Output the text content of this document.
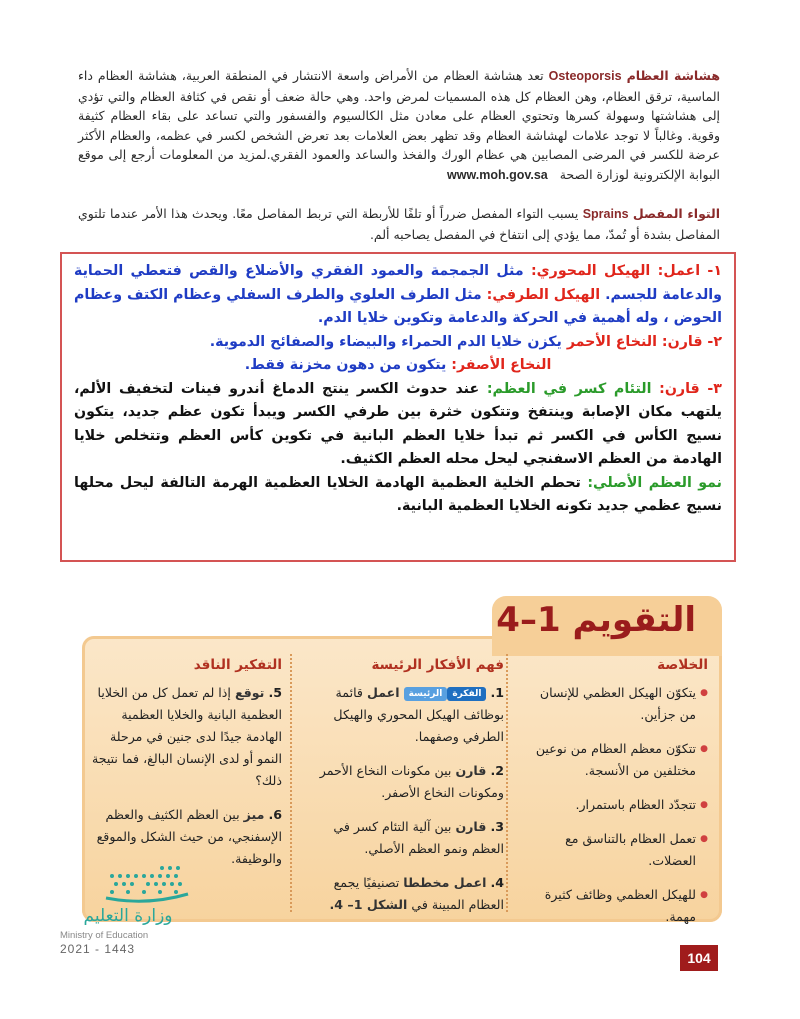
هشاشة العظام Osteoporsis تعد هشاشة العظام من الأمراض واسعة الانتشار في المنطقة العربية، هشاشة العظام داء الماسية، ترقق العظام، وهن العظام كل هذه المسميات لمرض واحد. وهي حالة ضعف أو نقص في كثافة العظام والتي تؤدي إلى هشاشتها وسهولة كسرها وتحتوي العظام على معادن مثل الكالسيوم والفسفور والتي تساعد على بقاء العظام كثيفة وقوية. وغالباً لا توجد علامات لهشاشة العظام وقد تظهر بعض العلامات بعد تعرض الشخص لكسر في عظمه، والعظام الأكثر عرضة للكسر في المرضى المصابين هي عظام الورك والفخذ والساعد والعمود الفقري.لمزيد من المعلومات أرجع إلى موقع البوابة الإلكترونية لوزارة الصحة   www.moh.gov.sa
التواء المفصل Sprains يسبب التواء المفصل ضرراً أو تلفًا للأربطة التي تربط المفاصل معًا. ويحدث هذا الأمر عندما تلتوي المفاصل بشدة أو تُمدّ، مما يؤدي إلى انتفاخ في المفصل يصاحبه ألم.
١- اعمل: الهيكل المحوري: مثل الجمجمة والعمود الفقري والأضلاع والقص فتعطي الحماية والدعامة للجسم. الهيكل الطرفي: مثل الطرف العلوي والطرف السفلي وعظام الكتف وعظام الحوض ، وله أهمية في الحركة والدعامة وتكوين خلايا الدم.
٢- قارن: النخاع الأحمر يكزن خلايا الدم الحمراء والبيضاء والصفائح الدموية.
النخاع الأصفر: يتكون من دهون مخزنة فقط.
٣- قارن: التئام كسر في العظم: عند حدوث الكسر ينتج الدماغ أندرو فينات لتخفيف الألم، يلتهب مكان الإصابة وينتفخ وتتكون خثرة بين طرفي الكسر ويبدأ تكون عظم جديد، يتكون نسيج الكأس في الكسر ثم تبدأ خلايا العظم البانية في تكوين كأس العظم وتتخلص خلايا الهادمة من العظم الاسفنجي ليحل محله العظم الكثيف.
نمو العظم الأصلي: تحطم الخلية العظمية الهادمة الخلايا العظمية الهرمة التالفة ليحل محلها نسيج عظمي جديد تكونه الخلايا العظمية البانية.
التقويم 1–4
الخلاصة
● يتكوّن الهيكل العظمي للإنسان من جزأين.
● تتكوّن معظم العظام من نوعين مختلفين من الأنسجة.
● تتجدّد العظام باستمرار.
● تعمل العظام بالتناسق مع العضلات.
● للهيكل العظمي وظائف كثيرة مهمة.
فهم الأفكار الرئيسة
1. الفكرةالرئيسة اعمل قائمة بوظائف الهيكل المحوري والهيكل الطرفي وصفهما.
2. قارن بين مكونات النخاع الأحمر ومكونات النخاع الأصفر.
3. قارن بين آلية التئام كسر في العظم ونمو العظم الأصلي.
4. اعمل مخططا تصنيفيًا يجمع العظام المبينة في الشكل 1– 4.
التفكير الناقد
5. توقع إذا لم تعمل كل من الخلايا العظمية البانية والخلايا العظمية الهادمة جيدًا لدى جنين في مرحلة النمو أو لدى الإنسان البالغ، فما نتيجة ذلك؟
6. ميز بين العظم الكثيف والعظم الإسفنجي، من حيث الشكل والموقع والوظيفة.
وزارة التعليم
Ministry of Education
2021 - 1443
104
